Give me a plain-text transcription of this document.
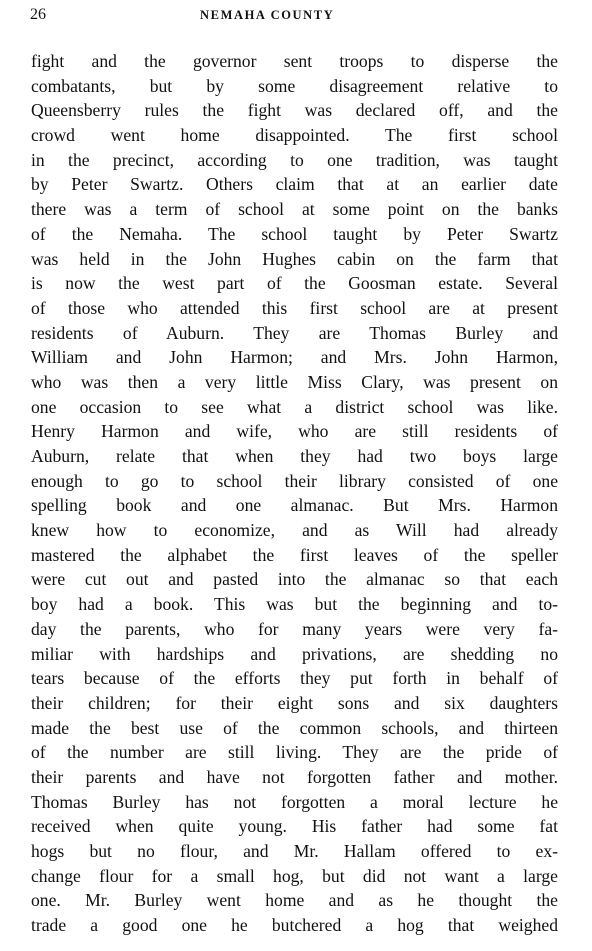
26	NEMAHA COUNTY
fight and the governor sent troops to disperse the
combatants, but by some disagreement relative to
Queensberry rules the fight was declared off, and the
crowd went home disappointed. The first school
in the precinct, according to one tradition, was taught
by Peter Swartz. Others claim that at an earlier date
there was a term of school at some point on the banks
of the Nemaha. The school taught by Peter Swartz
was held in the John Hughes cabin on the farm that
is now the west part of the Goosman estate. Several
of those who attended this first school are at present
residents of Auburn. They are Thomas Burley and
William and John Harmon; and Mrs. John Harmon,
who was then a very little Miss Clary, was present on
one occasion to see what a district school was like.
Henry Harmon and wife, who are still residents of
Auburn, relate that when they had two boys large
enough to go to school their library consisted of one
spelling book and one almanac. But Mrs. Harmon
knew how to economize, and as Will had already
mastered the alphabet the first leaves of the speller
were cut out and pasted into the almanac so that each
boy had a book. This was but the beginning and to-
day the parents, who for many years were very fa-
miliar with hardships and privations, are shedding no
tears because of the efforts they put forth in behalf of
their children; for their eight sons and six daughters
made the best use of the common schools, and thirteen
of the number are still living. They are the pride of
their parents and have not forgotten father and mother.
Thomas Burley has not forgotten a moral lecture he
received when quite young. His father had some fat
hogs but no flour, and Mr. Hallam offered to ex-
change flour for a small hog, but did not want a large
one. Mr. Burley went home and as he thought the
trade a good one he butchered a hog that weighed
